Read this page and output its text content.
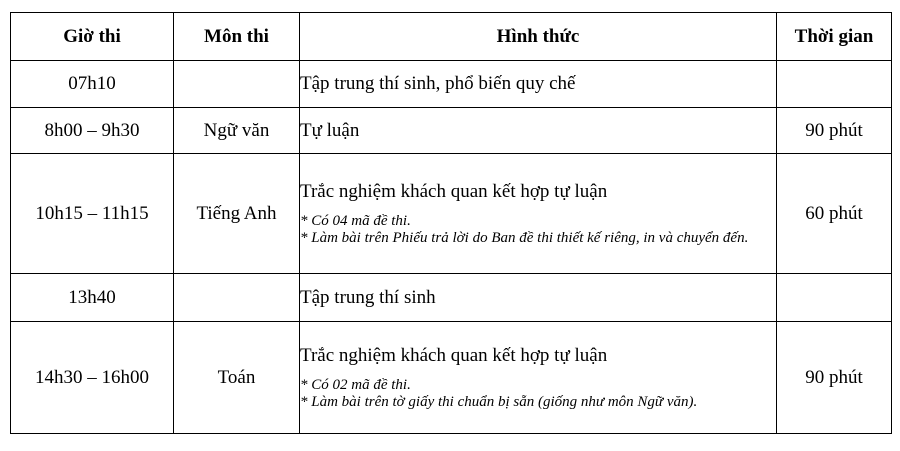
Giờ thi	Môn thi	Hình thức	Thời gian
07h10		Tập trung thí sinh, phổ biến quy chế	

8h00 – 9h30	Ngữ văn	Tự luận	90 phút
10h15 – 11h15	Tiếng Anh	Trắc nghiệm khách quan kết hợp tự luận
* Có 04 mã đề thi.
* Làm bài trên Phiếu trả lời do Ban đề thi thiết kế riêng, in và chuyển đến.	60 phút
13h40		Tập trung thí sinh	

14h30 – 16h00	Toán	Trắc nghiệm khách quan kết hợp tự luận
* Có 02 mã đề thi.
* Làm bài trên tờ giấy thi chuẩn bị sẵn (giống như môn Ngữ văn).	90 phút
